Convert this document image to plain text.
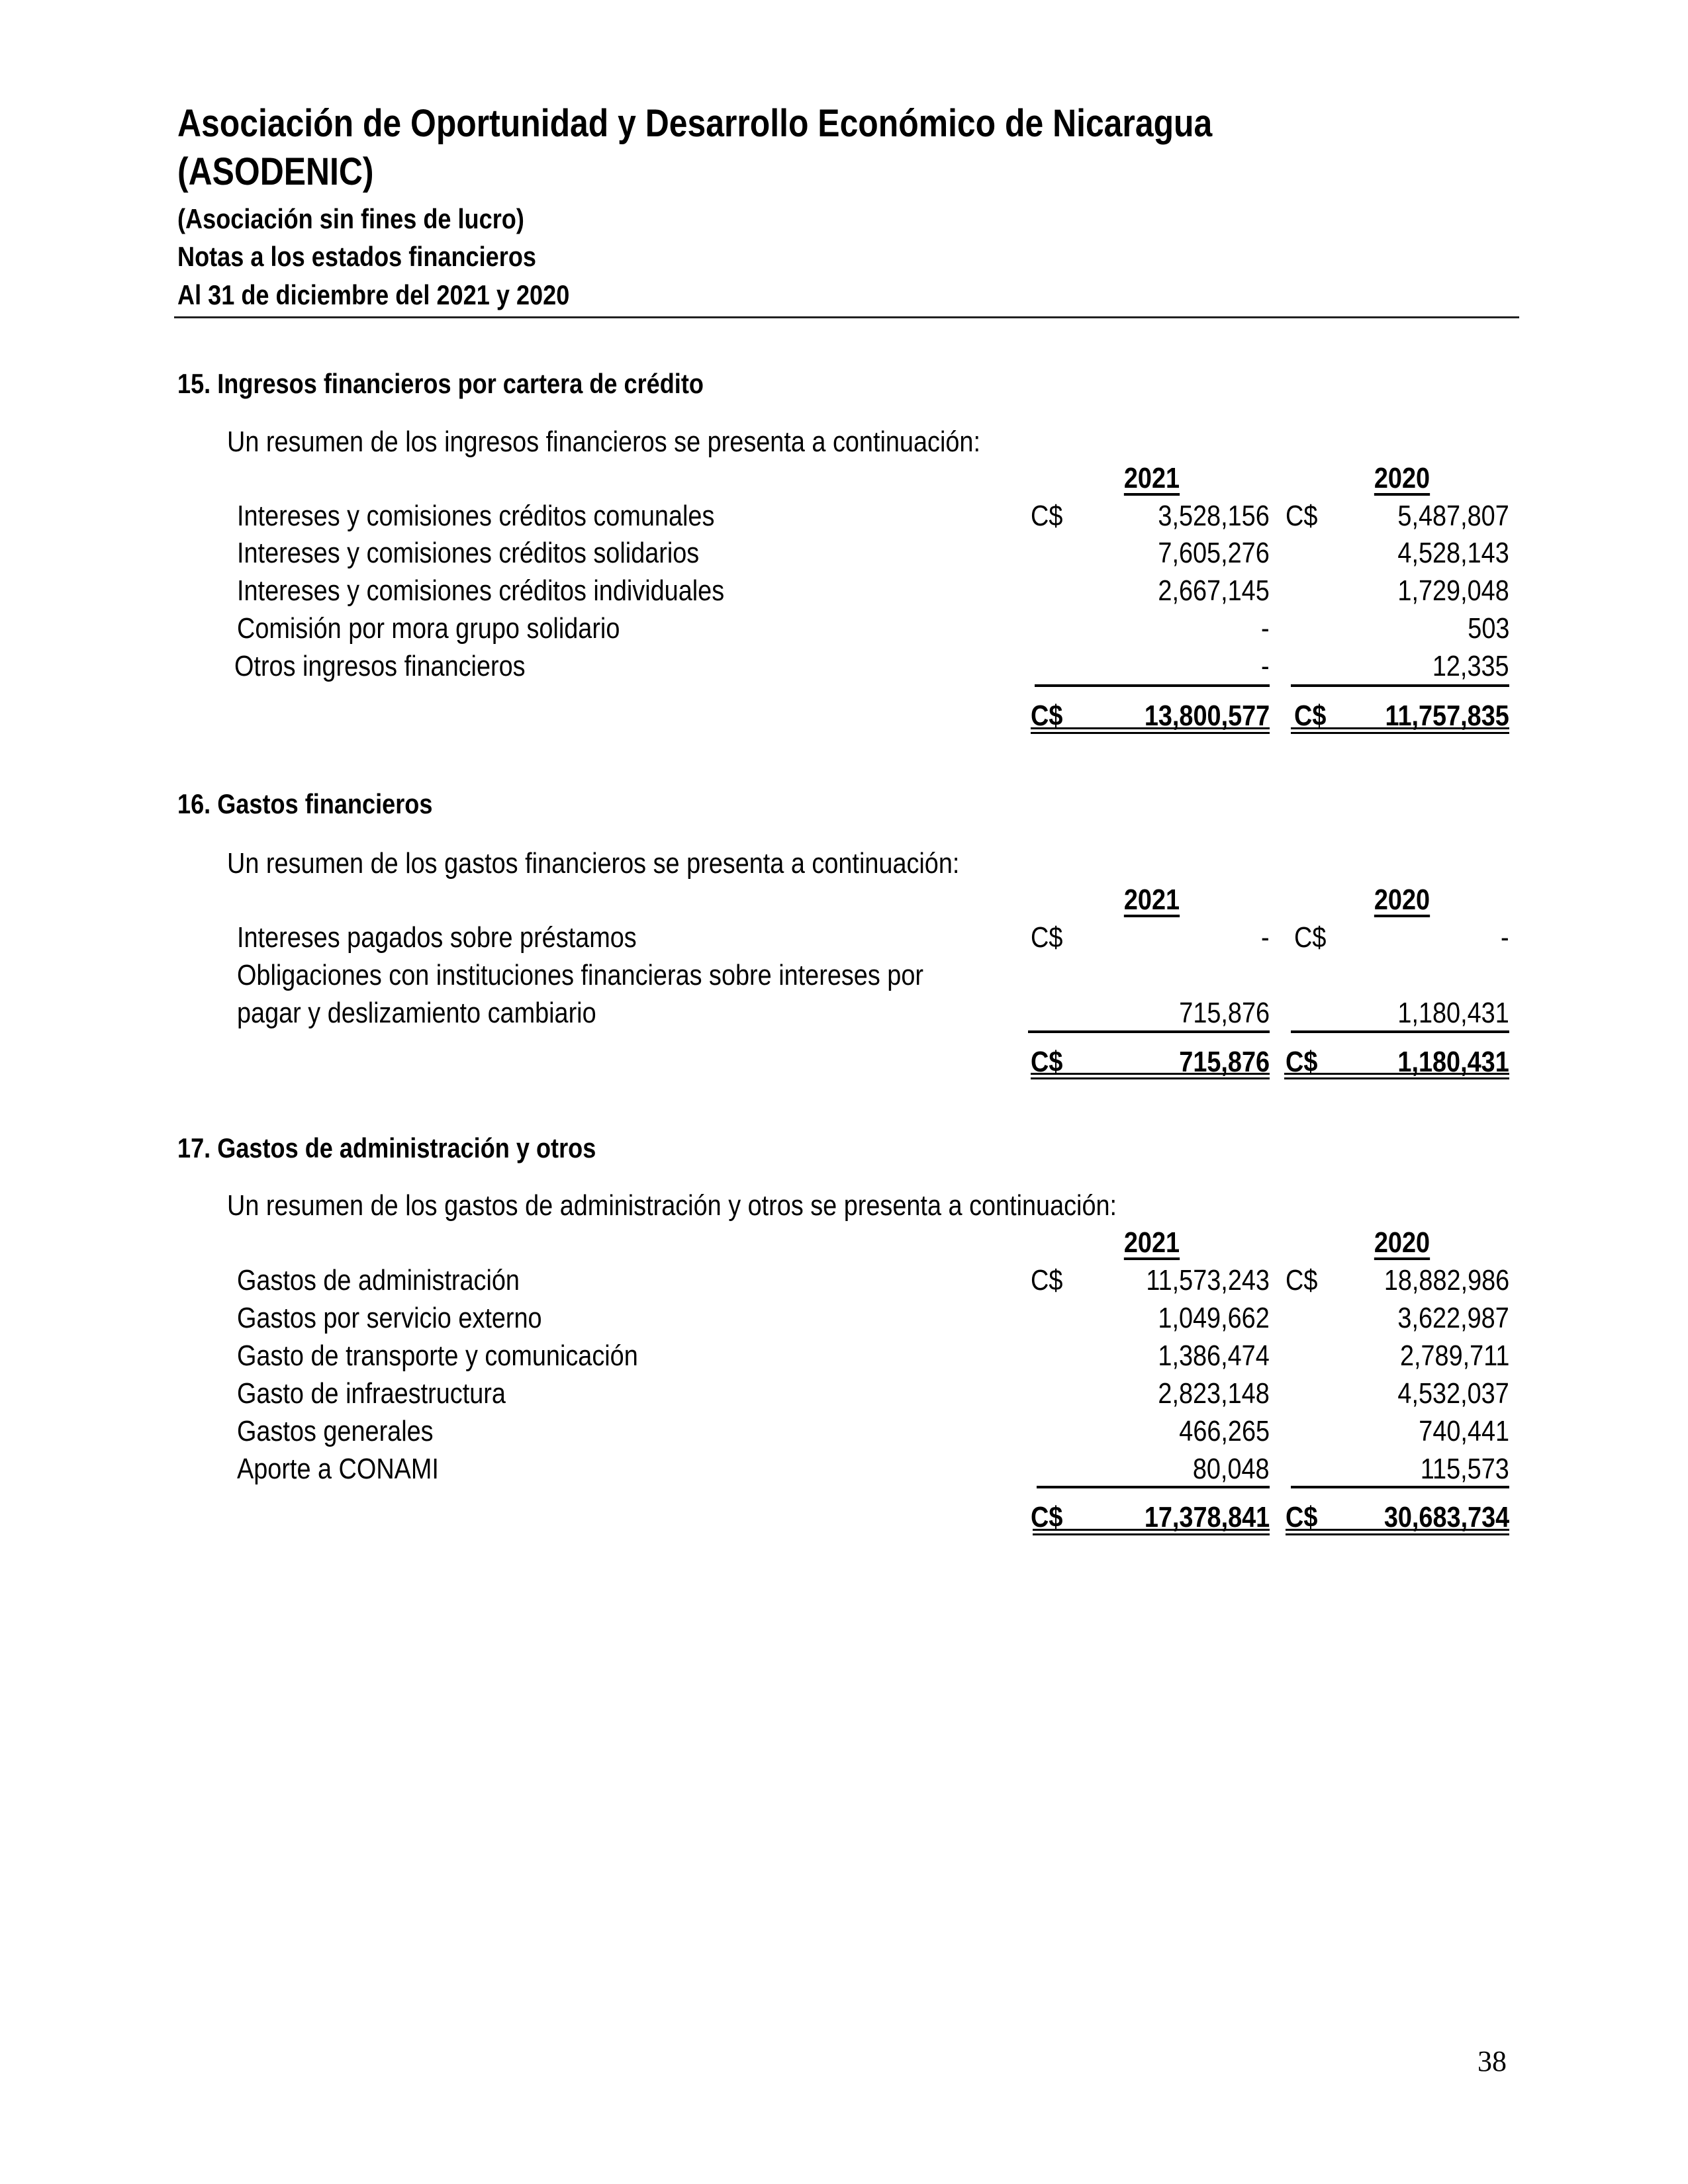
Asociación de Oportunidad y Desarrollo Económico de Nicaragua
(ASODENIC)
(Asociación sin fines de lucro)
Notas a los estados financieros
Al 31 de diciembre del 2021 y 2020
15. Ingresos financieros por cartera de crédito
Un resumen de los ingresos financieros se presenta a continuación:
2021	2020
Intereses y comisiones créditos comunales	C$	3,528,156 C$	5,487,807
Intereses y comisiones créditos solidarios	7,605,276	4,528,143
Intereses y comisiones créditos individuales	2,667,145	1,729,048
Comisión por mora grupo solidario	-	503
Otros ingresos financieros	-	12,335
C$	13,800,577 C$	11,757,835
16. Gastos financieros
Un resumen de los gastos financieros se presenta a continuación:
2021	2020
Intereses pagados sobre préstamos	C$	- C$	-
Obligaciones con instituciones financieras sobre intereses por
pagar y deslizamiento cambiario	715,876	1,180,431
C$	715,876 C$	1,180,431
17. Gastos de administración y otros
Un resumen de los gastos de administración y otros se presenta a continuación:
2021	2020
Gastos de administración	C$	11,573,243 C$	18,882,986
Gastos por servicio externo	1,049,662	3,622,987
Gasto de transporte y comunicación	1,386,474	2,789,711
Gasto de infraestructura	2,823,148	4,532,037
Gastos generales	466,265	740,441
Aporte a CONAMI	80,048	115,573
C$	17,378,841 C$	30,683,734
38
